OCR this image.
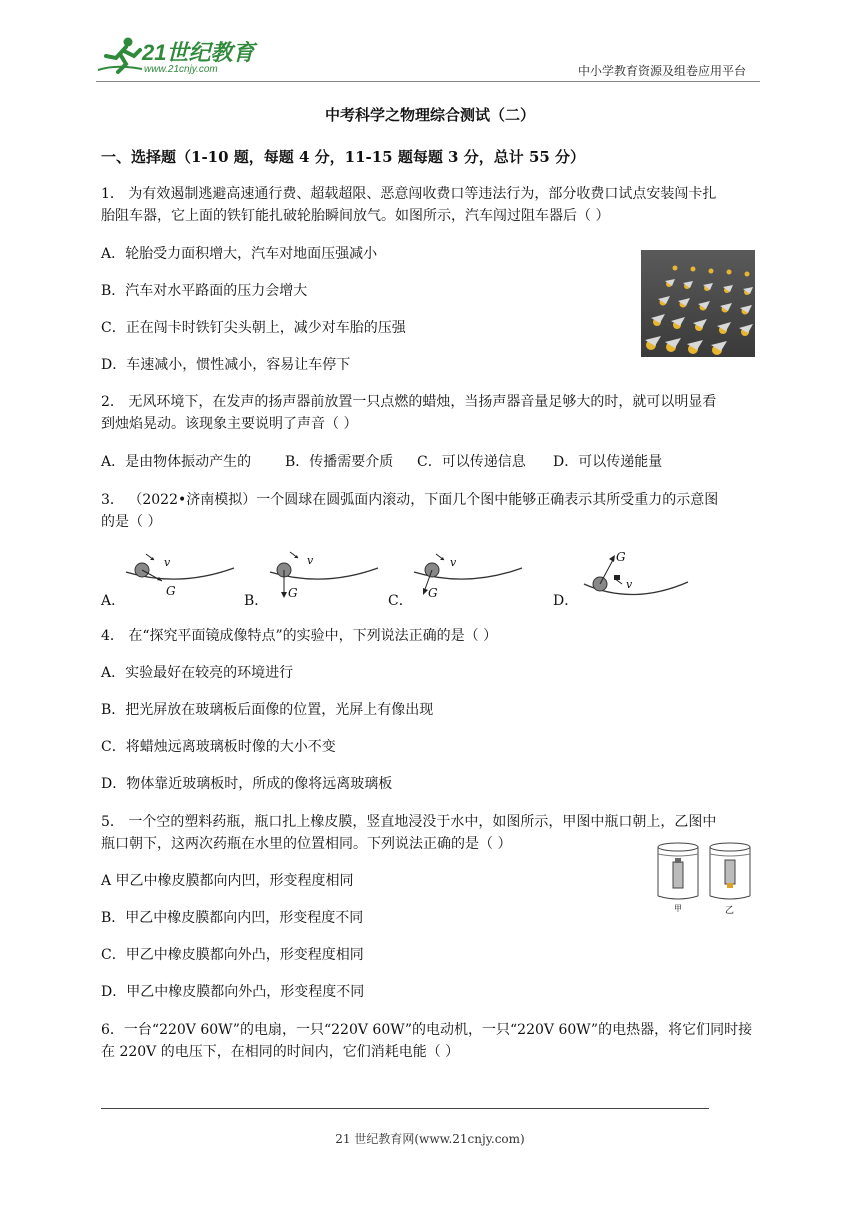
21世纪教育
www.21cnjy.com	中小学教育资源及组卷应用平台
中考科学之物理综合测试（二）
一、选择题（1-10 题，每题 4 分，11-15 题每题 3 分，总计 55 分）
1． 为有效遏制逃避高速通行费、超载超限、恶意闯收费口等违法行为，部分收费口试点安装闯卡扎
胎阻车器，它上面的铁钉能扎破轮胎瞬间放气。如图所示，汽车闯过阻车器后（ ）
A．轮胎受力面积增大，汽车对地面压强减小
B．汽车对水平路面的压力会增大
C．正在闯卡时铁钉尖头朝上，减少对车胎的压强
D．车速减小，惯性减小，容易让车停下
2． 无风环境下，在发声的扬声器前放置一只点燃的蜡烛，当扬声器音量足够大的时，就可以明显看
到烛焰晃动。该现象主要说明了声音（ ）
A．是由物体振动产生的 B．传播需要介质 C．可以传递信息 D．可以传递能量
3． （2022•济南模拟）一个圆球在圆弧面内滚动，下面几个图中能够正确表示其所受重力的示意图
的是（ ）
A．
v
G
B．
v
G	C．
v
G	D．
G
v
4． 在“探究平面镜成像特点”的实验中，下列说法正确的是（ ）
A．实验最好在较亮的环境进行
B．把光屏放在玻璃板后面像的位置，光屏上有像出现
C．将蜡烛远离玻璃板时像的大小不变
D．物体靠近玻璃板时，所成的像将远离玻璃板
5． 一个空的塑料药瓶，瓶口扎上橡皮膜，竖直地浸没于水中，如图所示，甲图中瓶口朝上，乙图中
瓶口朝下，这两次药瓶在水里的位置相同。下列说法正确的是（ ）
A 甲乙中橡皮膜都向内凹，形变程度相同
B．甲乙中橡皮膜都向内凹，形变程度不同
C．甲乙中橡皮膜都向外凸，形变程度相同
D．甲乙中橡皮膜都向外凸，形变程度不同
甲	乙
6．一台“220V 60W”的电扇，一只“220V 60W”的电动机，一只“220V 60W”的电热器，将它们同时接
在 220V 的电压下，在相同的时间内，它们消耗电能（ ）
21 世纪教育网(www.21cnjy.com)
